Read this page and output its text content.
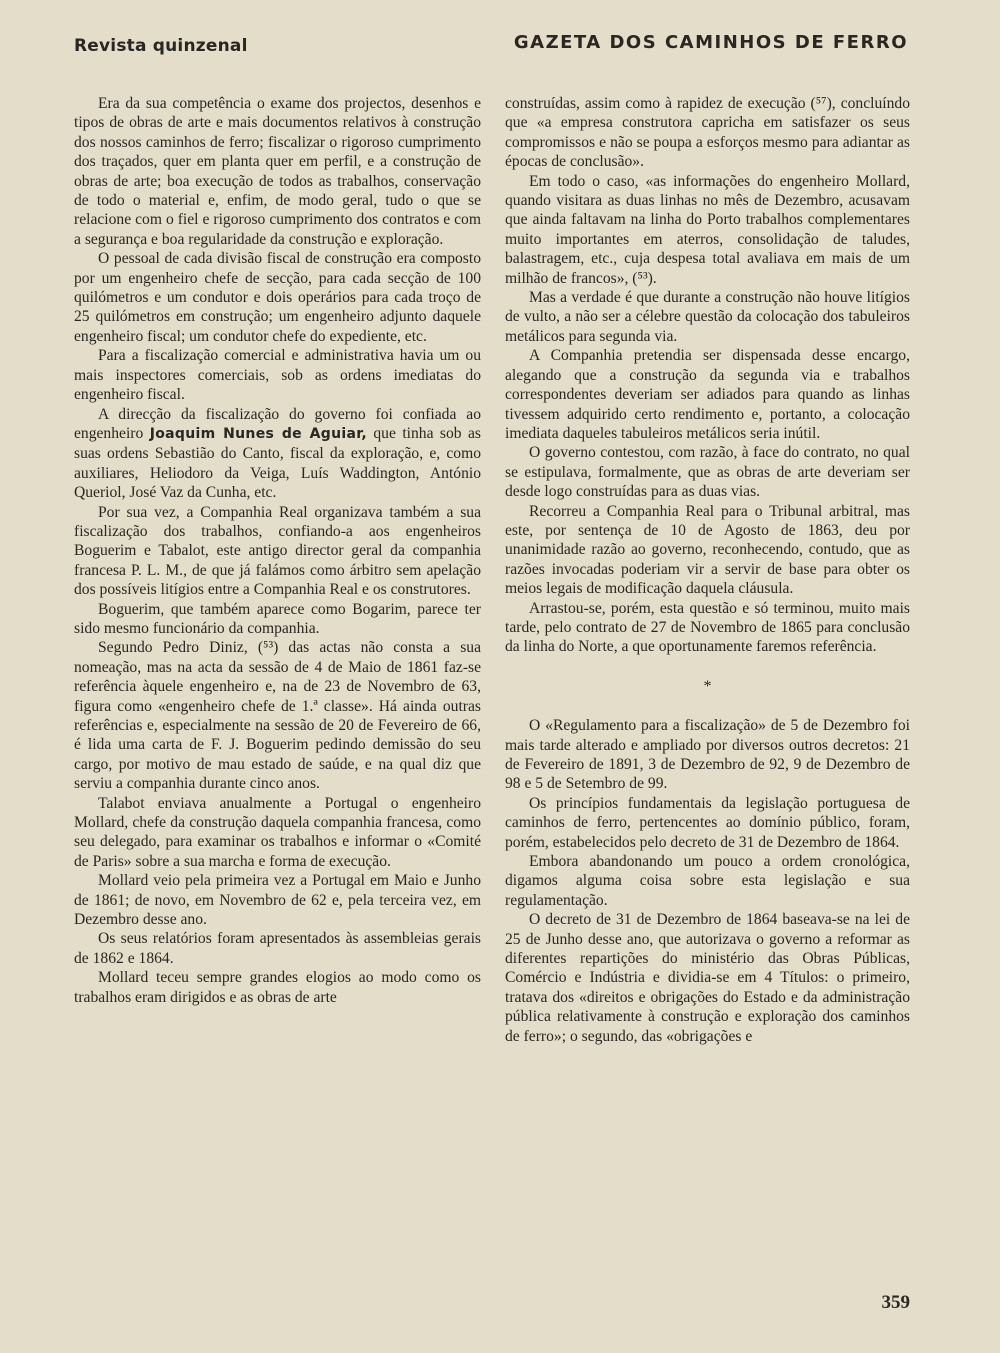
Revista quinzenal	GAZETA DOS CAMINHOS DE FERRO

Era da sua competência o exame dos projectos, desenhos e tipos de obras de arte e mais documentos relativos à construção dos nossos caminhos de ferro; fiscalizar o rigoroso cumprimento dos traçados, quer em planta quer em perfil, e a construção de obras de arte; boa execução de todos as trabalhos, conservação de todo o material e, enfim, de modo geral, tudo o que se relacione com o fiel e rigoroso cumprimento dos contratos e com a segurança e boa regularidade da construção e exploração.

O pessoal de cada divisão fiscal de construção era composto por um engenheiro chefe de secção, para cada secção de 100 quilómetros e um condutor e dois operários para cada troço de 25 quilómetros em construção; um engenheiro adjunto daquele engenheiro fiscal; um condutor chefe do expediente, etc.

Para a fiscalização comercial e administrativa havia um ou mais inspectores comerciais, sob as ordens imediatas do engenheiro fiscal.

A direcção da fiscalização do governo foi confiada ao engenheiro Joaquim Nunes de Aguiar, que tinha sob as suas ordens Sebastião do Canto, fiscal da exploração, e, como auxiliares, Heliodoro da Veiga, Luís Waddington, António Queriol, José Vaz da Cunha, etc.

Por sua vez, a Companhia Real organizava também a sua fiscalização dos trabalhos, confiando-a aos engenheiros Boguerim e Tabalot, este antigo director geral da companhia francesa P. L. M., de que já falámos como árbitro sem apelação dos possíveis litígios entre a Companhia Real e os construtores.

Boguerim, que também aparece como Bogarim, parece ter sido mesmo funcionário da companhia.

Segundo Pedro Diniz, (⁵³) das actas não consta a sua nomeação, mas na acta da sessão de 4 de Maio de 1861 faz-se referência àquele engenheiro e, na de 23 de Novembro de 63, figura como «engenheiro chefe de 1.ª classe». Há ainda outras referências e, especialmente na sessão de 20 de Fevereiro de 66, é lida uma carta de F. J. Boguerim pedindo demissão do seu cargo, por motivo de mau estado de saúde, e na qual diz que serviu a companhia durante cinco anos.

Talabot enviava anualmente a Portugal o engenheiro Mollard, chefe da construção daquela companhia francesa, como seu delegado, para examinar os trabalhos e informar o «Comité de Paris» sobre a sua marcha e forma de execução.

Mollard veio pela primeira vez a Portugal em Maio e Junho de 1861; de novo, em Novembro de 62 e, pela terceira vez, em Dezembro desse ano.

Os seus relatórios foram apresentados às assembleias gerais de 1862 e 1864.

Mollard teceu sempre grandes elogios ao modo como os trabalhos eram dirigidos e as obras de arte

construídas, assim como à rapidez de execução (⁵⁷), concluíndo que «a empresa construtora capricha em satisfazer os seus compromissos e não se poupa a esforços mesmo para adiantar as épocas de conclusão».

Em todo o caso, «as informações do engenheiro Mollard, quando visitara as duas linhas no mês de Dezembro, acusavam que ainda faltavam na linha do Porto trabalhos complementares muito importantes em aterros, consolidação de taludes, balastragem, etc., cuja despesa total avaliava em mais de um milhão de francos», (⁵³).

Mas a verdade é que durante a construção não houve litígios de vulto, a não ser a célebre questão da colocação dos tabuleiros metálicos para segunda via.

A Companhia pretendia ser dispensada desse encargo, alegando que a construção da segunda via e trabalhos correspondentes deveriam ser adiados para quando as linhas tivessem adquirido certo rendimento e, portanto, a colocação imediata daqueles tabuleiros metálicos seria inútil.

O governo contestou, com razão, à face do contrato, no qual se estipulava, formalmente, que as obras de arte deveriam ser desde logo construídas para as duas vias.

Recorreu a Companhia Real para o Tribunal arbitral, mas este, por sentença de 10 de Agosto de 1863, deu por unanimidade razão ao governo, reconhecendo, contudo, que as razões invocadas poderiam vir a servir de base para obter os meios legais de modificação daquela cláusula.

Arrastou-se, porém, esta questão e só terminou, muito mais tarde, pelo contrato de 27 de Novembro de 1865 para conclusão da linha do Norte, a que oportunamente faremos referência.

*

O «Regulamento para a fiscalização» de 5 de Dezembro foi mais tarde alterado e ampliado por diversos outros decretos: 21 de Fevereiro de 1891, 3 de Dezembro de 92, 9 de Dezembro de 98 e 5 de Setembro de 99.

Os princípios fundamentais da legislação portuguesa de caminhos de ferro, pertencentes ao domínio público, foram, porém, estabelecidos pelo decreto de 31 de Dezembro de 1864.

Embora abandonando um pouco a ordem cronológica, digamos alguma coisa sobre esta legislação e sua regulamentação.

O decreto de 31 de Dezembro de 1864 baseava-se na lei de 25 de Junho desse ano, que autorizava o governo a reformar as diferentes repartições do ministério das Obras Públicas, Comércio e Indústria e dividia-se em 4 Títulos: o primeiro, tratava dos «direitos e obrigações do Estado e da administração pública relativamente à construção e exploração dos caminhos de ferro»; o segundo, das «obrigações e

359
